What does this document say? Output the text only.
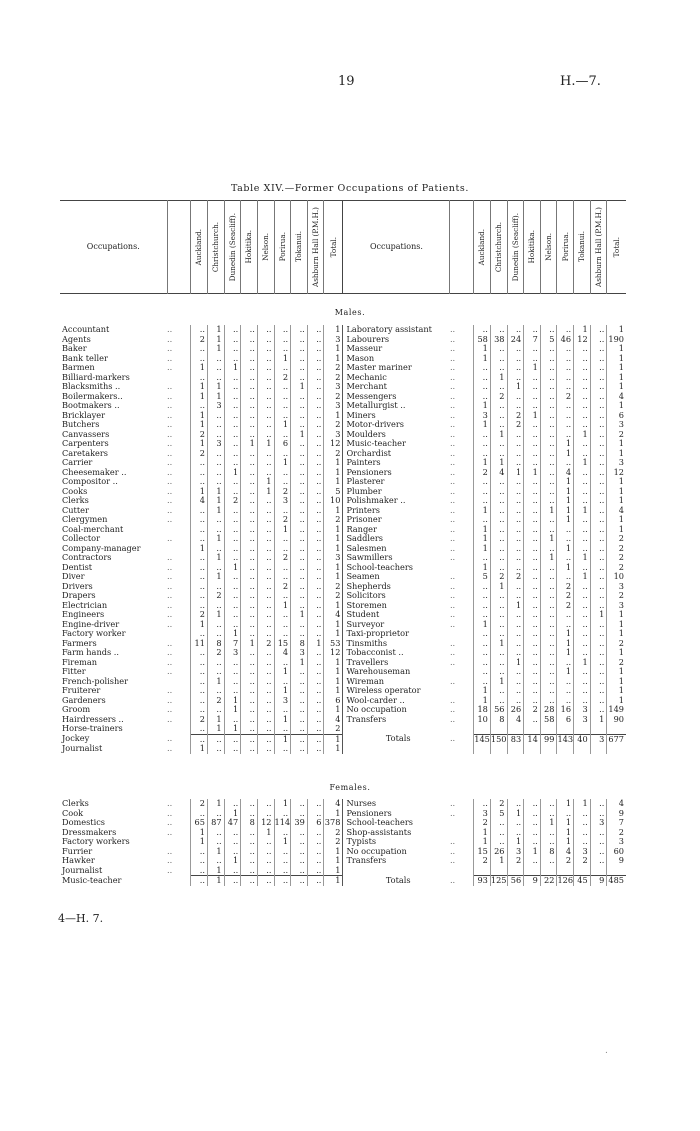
19	H.—7.
Table XIV.—Former Occupations of Patients.
Occupations.		Auckland.	Christchurch.	Dunedin (Seacliff).	Hokitika.	Nelson.	Porirua.	Tokanui.	Ashburn Hall (P.M.H.)	Total.	Occupations.		Auckland.	Christchurch.	Dunedin (Seacliff).	Hokitika.	Nelson.	Porirua.	Tokanui.	Ashburn Hall (P.M.H.)	Total.
Males.
Accountant	..	..	1	..	..	..	..	..	..	1	Laboratory assistant	..	..	..	..	..	..	..	1	..	1
Agents	..	2	1	..	..	..	..	..	..	3	Labourers	..	58	38	24	7	5	46	12	..	190
Baker	..	..	1	..	..	..	..	..	..	1	Masseur	..	1	..	..	..	..	..	..	..	1
Bank teller	..	..	..	..	..	..	1	..	..	1	Mason	..	1	..	..	..	..	..	..	..	1
Barmen	..	1	..	1	..	..	..	..	..	2	Master mariner	..	..	..	..	1	..	..	..	..	1
Billiard-markers		..	..	..	..	..	2	..	..	2	Mechanic	..	..	1	..	..	..	..	..	..	1
Blacksmiths ..	..	1	1	..	..	..	..	1	..	3	Merchant	..	..	..	1	..	..	..	..	..	1
Boilermakers..	..	1	1	..	..	..	..	..	..	2	Messengers	..	..	2	..	..	..	2	..	..	4
Bootmakers ..	..	..	3	..	..	..	..	..	..	3	Metallurgist ..	..	1	..	..	..	..	..	..	..	1
Bricklayer	..	1	..	..	..	..	..	..	..	1	Miners	..	3	..	2	1	..	..	..	..	6
Butchers	..	1	..	..	..	..	1	..	..	2	Motor-drivers	..	1	..	2	..	..	..	..	..	3
Canvassers	..	2	..	..	..	..	..	1	..	3	Moulders	..	..	1	..	..	..	..	1	..	2
Carpenters	..	1	3	..	1	1	6	..	..	12	Music-teacher	..	..	..	..	..	..	1	..	..	1
Caretakers	..	2	..	..	..	..	..	..	..	2	Orchardist	..	..	..	..	..	..	1	..	..	1
Carrier	..	..	..	..	..	..	1	..	..	1	Painters	..	1	1	..	..	..	..	1	..	3
Cheesemaker ..	..	..	..	1	..	..	..	..	..	1	Pensioners	..	2	4	1	1	..	4	..	..	12
Compositor ..	..	..	..	..	..	1	..	..	..	1	Plasterer	..	..	..	..	..	..	1	..	..	1
Cooks	..	1	1	..	..	1	2	..	..	5	Plumber	..	..	..	..	..	..	1	..	..	1
Clerks	..	4	1	2	..	..	3	..	..	10	Polishmaker ..	..	..	..	..	..	..	1	..	..	1
Cutter	..	..	1	..	..	..	..	..	..	1	Printers	..	1	..	..	..	1	1	1	..	4
Clergymen	..	..	..	..	..	..	2	..	..	2	Prisoner	..	..	..	..	..	..	1	..	..	1
Coal-merchant		..	..	..	..	..	1	..	..	1	Ranger	..	1	..	..	..	..	..	..	..	1
Collector	..	..	1	..	..	..	..	..	..	1	Saddlers	..	1	..	..	..	1	..	..	..	2
Company-manager		1	..	..	..	..	..	..	..	1	Salesmen	..	1	..	..	..	..	1	..	..	2
Contractors	..	..	1	..	..	..	2	..	..	3	Sawmillers	..	..	..	..	..	1	..	1	..	2
Dentist	..	..	..	1	..	..	..	..	..	1	School-teachers		1	..	..	..	..	1	..	..	2
Diver	..	..	1	..	..	..	..	..	..	1	Seamen	..	5	2	2	..	..	..	1	..	10
Drivers	..	..	..	..	..	..	2	..	..	2	Shepherds	..	..	1	..	..	..	2	..	..	3
Drapers	..	..	2	..	..	..	..	..	..	2	Solicitors	..	..	..	..	..	..	2	..	..	2
Electrician	..	..	..	..	..	..	1	..	..	1	Storemen	..	..	..	1	..	..	2	..	..	3
Engineers	..	2	1	..	..	..	..	1	..	4	Student	..	..	..	..	..	..	..	..	1	1
Engine-driver	..	1	..	..	..	..	..	..	..	1	Surveyor	..	1	..	..	..	..	..	..	..	1
Factory worker		..	..	1	..	..	..	..	..	1	Taxi-proprietor		..	..	..	..	..	1	..	..	1
Farmers	..	11	8	7	1	2	15	8	1	53	Tinsmiths	..	..	1	..	..	..	1	..	..	2
Farm hands ..	..	..	2	3	..	..	4	3	..	12	Tobacconist ..	..	..	..	..	..	..	1	..	..	1
Fireman	..	..	..	..	..	..	..	1	..	1	Travellers	..	..	..	1	..	..	..	1	..	2
Fitter	..	..	..	..	..	..	1	..	..	1	Warehouseman		..	..	..	..	..	1	..	..	1
French-polisher		..	1	..	..	..	..	..	..	1	Wireman	..	..	1	..	..	..	..	..	..	1
Fruiterer	..	..	..	..	..	..	1	..	..	1	Wireless operator		1	..	..	..	..	..	..	..	1
Gardeners	..	..	2	1	..	..	3	..	..	6	Wool-carder ..	..	1	..	..	..	..	..	..	..	1
Groom	..	..	..	1	..	..	..	..	..	1	No occupation	..	18	56	26	2	28	16	3	..	149
Hairdressers ..	..	2	1	..	..	..	1	..	..	4	Transfers	..	10	8	4	..	58	6	3	1	90
Horse-trainers		..	1	1	..	..	..	..	..	2											
Jockey	..	..	..	..	..	..	1	..	..	1	Totals	..	145	150	83	14	99	143	40	3	677
Journalist	..	1	..	..	..	..	..	..	..	1											
Females.
Clerks	..	2	1	..	..	..	1	..	..	4	Nurses	..	..	2	..	..	..	1	1	..	4
Cook	..	..	..	1	..	..	..	..	..	1	Pensioners	..	3	5	1	..	..	..	..	..	9
Domestics	..	65	87	47	8	12	114	39	6	378	School-teachers		2	..	..	..	1	1	..	3	7
Dressmakers	..	1	..	..	..	1	..	..	..	2	Shop-assistants		1	..	..	..	..	1	..	..	2
Factory workers		1	..	..	..	..	1	..	..	2	Typists	..	1	..	1	..	..	1	..	..	3
Furrier	..	..	1	..	..	..	..	..	..	1	No occupation	..	15	26	3	1	8	4	3	..	60
Hawker	..	..	..	1	..	..	..	..	..	1	Transfers	..	2	1	2	..	..	2	2	..	9
Journalist	..	..	1	..	..	..	..	..	..	1											
Music-teacher		..	1	..	..	..	..	..	..	1	Totals	..	93	125	56	9	22	126	45	9	485
4—H. 7.
.
